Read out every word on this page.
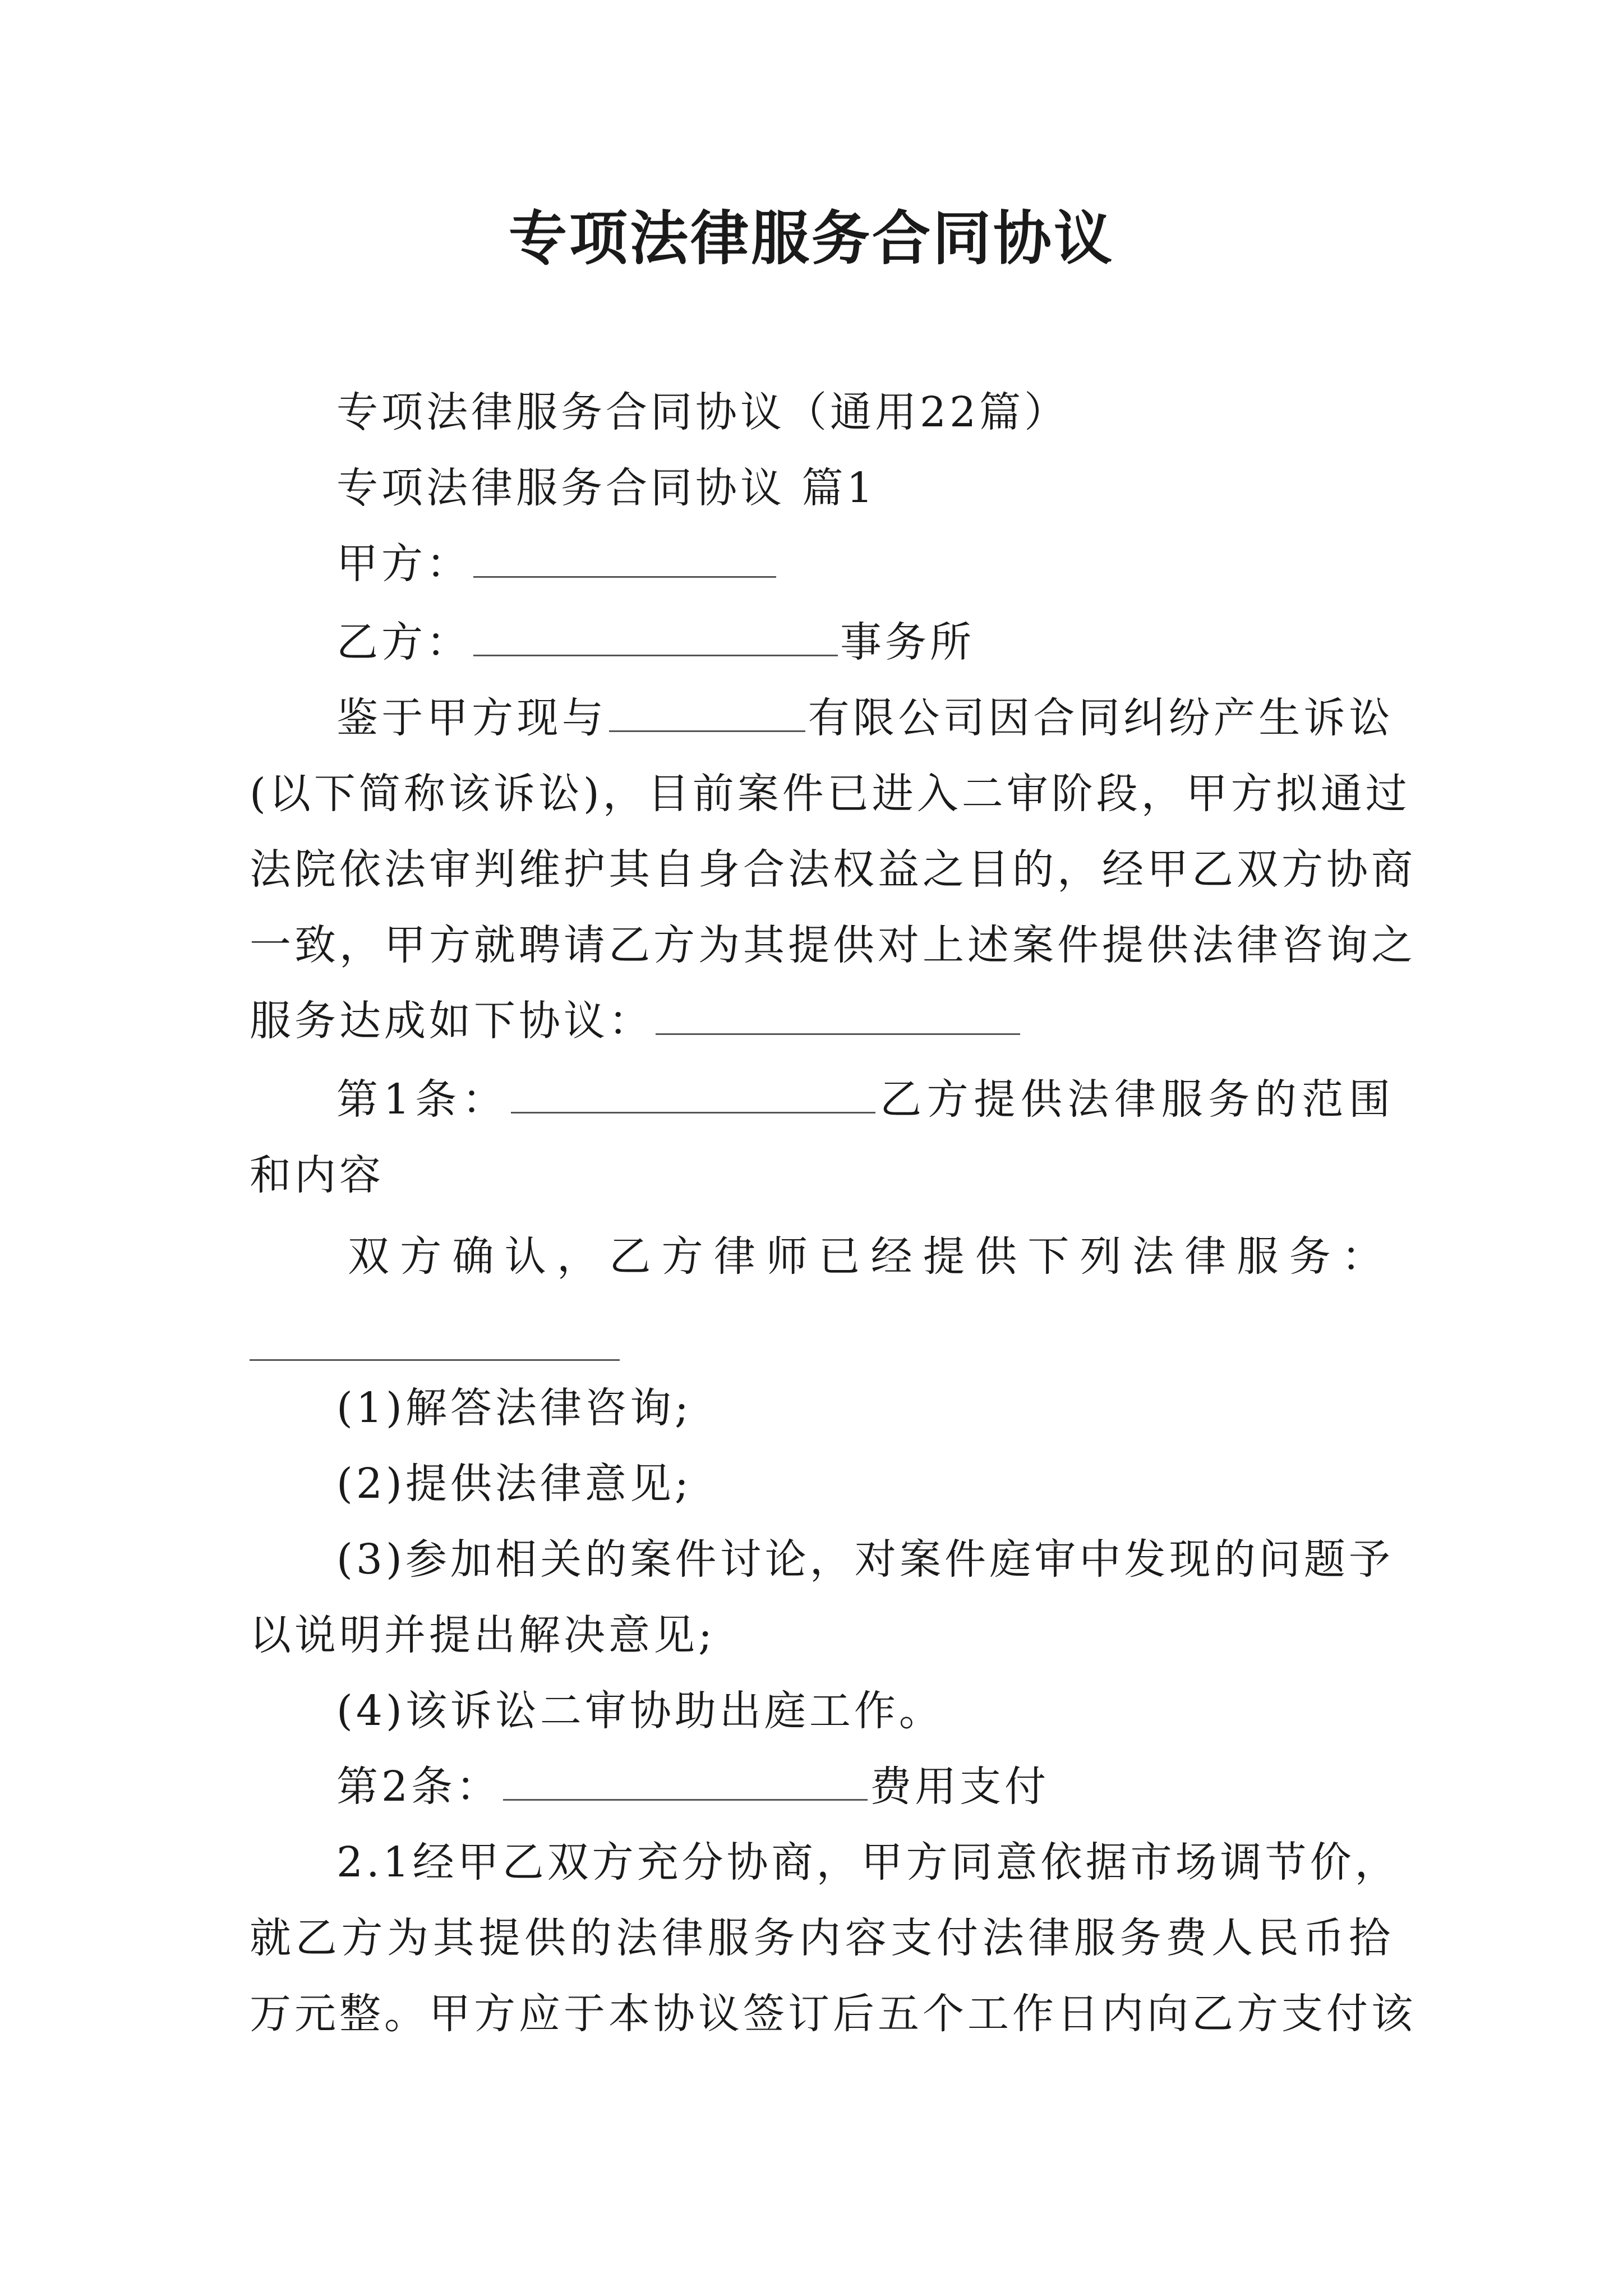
专项法律服务合同协议
专项法律服务合同协议（通用22篇）
专项法律服务合同协议 篇1
甲方：
乙方：	事务所
鉴于甲方现与	有限公司因合同纠纷产生诉讼
(以下简称该诉讼)，目前案件已进入二审阶段，甲方拟通过
法院依法审判维护其自身合法权益之目的，经甲乙双方协商
一致，甲方就聘请乙方为其提供对上述案件提供法律咨询之
服务达成如下协议：
第1条：	乙方提供法律服务的范围
和内容
双方确认，乙方律师已经提供下列法律服务：
(1)解答法律咨询;
(2)提供法律意见;
(3)参加相关的案件讨论，对案件庭审中发现的问题予
以说明并提出解决意见;
(4)该诉讼二审协助出庭工作。
第2条：	费用支付
2.1经甲乙双方充分协商，甲方同意依据市场调节价，
就乙方为其提供的法律服务内容支付法律服务费人民币拾
万元整。甲方应于本协议签订后五个工作日内向乙方支付该
